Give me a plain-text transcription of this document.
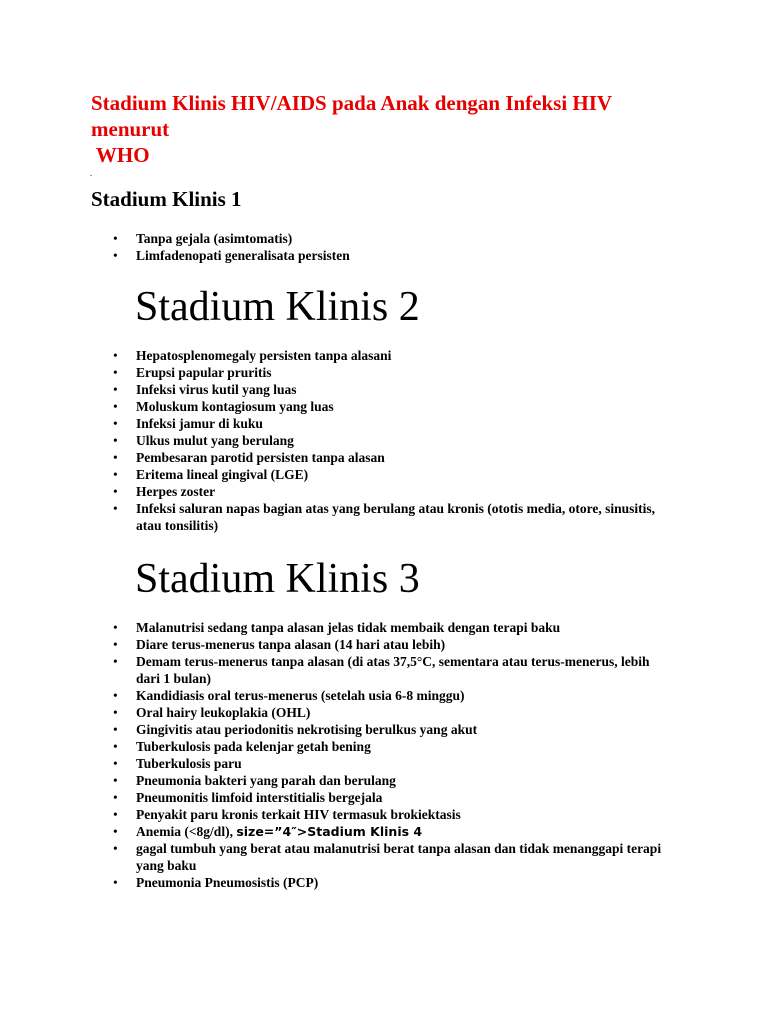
Stadium Klinis HIV/AIDS pada Anak dengan Infeksi HIV
menurut
WHO
.
Stadium Klinis 1
• Tanpa gejala (asimtomatis)
• Limfadenopati generalisata persisten
Stadium Klinis 2
• Hepatosplenomegaly persisten tanpa alasani
• Erupsi papular pruritis
• Infeksi virus kutil yang luas
• Moluskum kontagiosum yang luas
• Infeksi jamur di kuku
• Ulkus mulut yang berulang
• Pembesaran parotid persisten tanpa alasan
• Eritema lineal gingival (LGE)
• Herpes zoster
• Infeksi saluran napas bagian atas yang berulang atau kronis (ototis media, otore, sinusitis, atau tonsilitis)
Stadium Klinis 3
• Malanutrisi sedang tanpa alasan jelas tidak membaik dengan terapi baku
• Diare terus-menerus tanpa alasan (14 hari atau lebih)
• Demam terus-menerus tanpa alasan (di atas 37,5°C, sementara atau terus-menerus, lebih dari 1 bulan)
• Kandidiasis oral terus-menerus (setelah usia 6-8 minggu)
• Oral hairy leukoplakia (OHL)
• Gingivitis atau periodonitis nekrotising berulkus yang akut
• Tuberkulosis pada kelenjar getah bening
• Tuberkulosis paru
• Pneumonia bakteri yang parah dan berulang
• Pneumonitis limfoid interstitialis bergejala
• Penyakit paru kronis terkait HIV termasuk brokiektasis
• Anemia (<8g/dl), size=”4″>Stadium Klinis 4
• gagal tumbuh yang berat atau malanutrisi berat tanpa alasan dan tidak menanggapi terapi yang baku
• Pneumonia Pneumosistis (PCP)
